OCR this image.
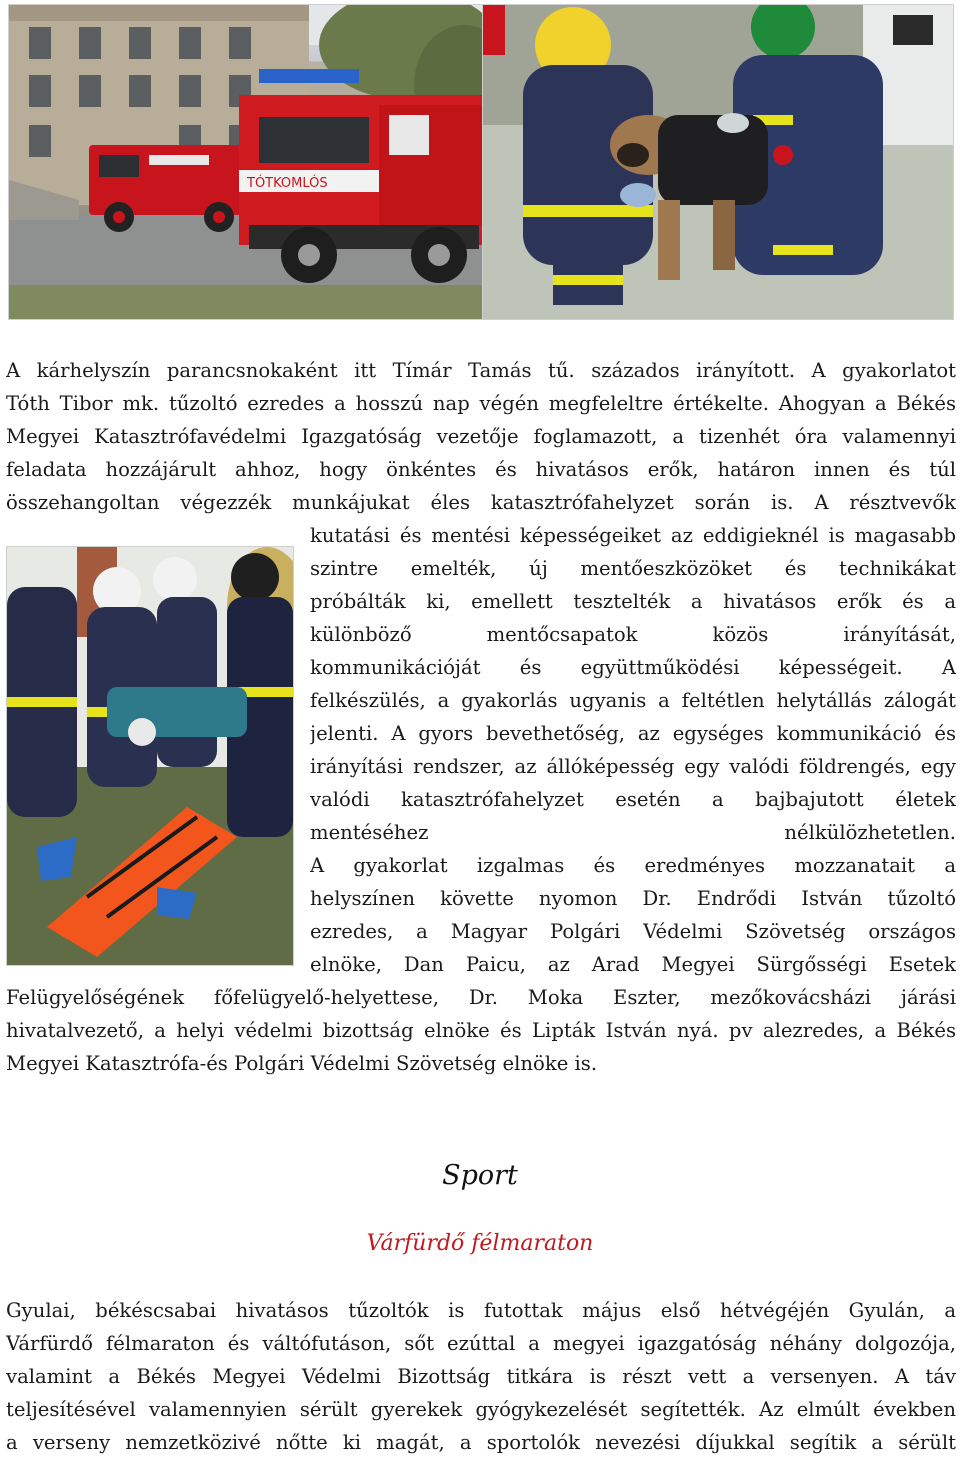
TÓTKOMLÓS
A kárhelyszín parancsnokaként itt Tímár Tamás tű. százados irányított. A gyakorlatot
Tóth Tibor mk. tűzoltó ezredes a hosszú nap végén megfeleltre értékelte. Ahogyan a Békés
Megyei Katasztrófavédelmi Igazgatóság vezetője foglamazott, a tizenhét óra valamennyi
feladata hozzájárult ahhoz, hogy önkéntes és hivatásos erők, határon innen és túl
összehangoltan végezzék munkájukat éles katasztrófahelyzet során is. A résztvevők
kutatási és mentési képességeiket az eddigieknél is magasabb
szintre emelték, új mentőeszközöket és technikákat
próbálták ki, emellett tesztelték a hivatásos erők és a
különböző mentőcsapatok közös irányítását,
kommunikációját és együttműködési képességeit. A
felkészülés, a gyakorlás ugyanis a feltétlen helytállás zálogát
jelenti. A gyors bevethetőség, az egységes kommunikáció és
irányítási rendszer, az állóképesség egy valódi földrengés, egy
valódi katasztrófahelyzet esetén a bajbajutott életek
mentéséhez nélkülözhetetlen.
A gyakorlat izgalmas és eredményes mozzanatait a
helyszínen követte nyomon Dr. Endrődi István tűzoltó
ezredes, a Magyar Polgári Védelmi Szövetség országos
elnöke, Dan Paicu, az Arad Megyei Sürgősségi Esetek
Felügyelőségének főfelügyelő-helyettese, Dr. Moka Eszter, mezőkovácsházi járási
hivatalvezető, a helyi védelmi bizottság elnöke és Lipták István nyá. pv alezredes, a Békés
Megyei Katasztrófa-és Polgári Védelmi Szövetség elnöke is.
Sport
Várfürdő félmaraton
Gyulai, békéscsabai hivatásos tűzoltók is futottak május első hétvégéjén Gyulán, a
Várfürdő félmaraton és váltófutáson, sőt ezúttal a megyei igazgatóság néhány dolgozója,
valamint a Békés Megyei Védelmi Bizottság titkára is részt vett a versenyen. A táv
teljesítésével valamennyien sérült gyerekek gyógykezelését segítették. Az elmúlt években
a verseny nemzetközivé nőtte ki magát, a sportolók nevezési díjukkal segítik a sérült
